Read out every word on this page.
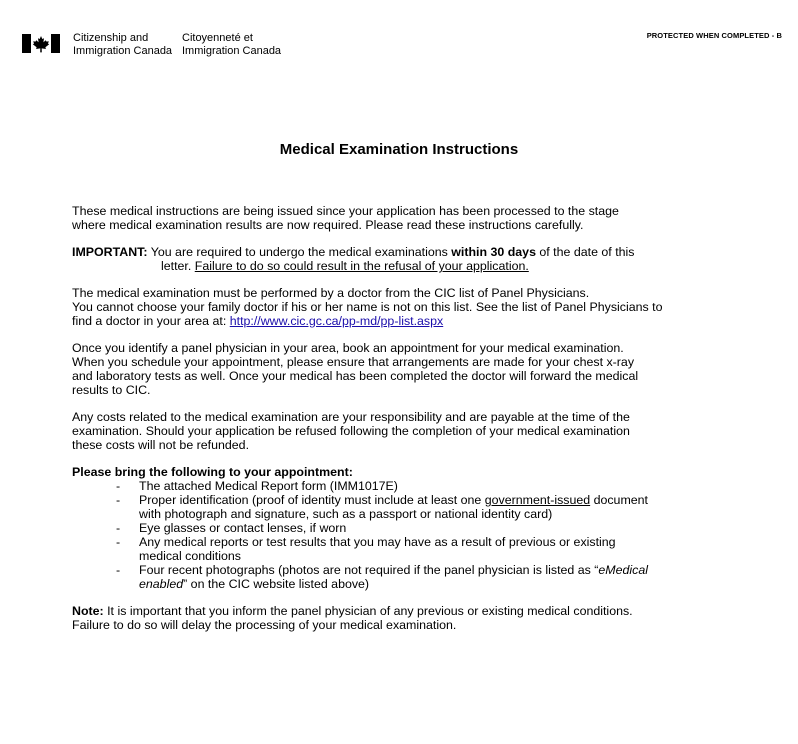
Citizenship and
Immigration Canada
Citoyenneté et
Immigration Canada
PROTECTED WHEN COMPLETED - B
Medical Examination Instructions
These medical instructions are being issued since your application has been processed to the stage
where medical examination results are now required. Please read these instructions carefully.
IMPORTANT: You are required to undergo the medical examinations within 30 days of the date of this
letter. Failure to do so could result in the refusal of your application.
The medical examination must be performed by a doctor from the CIC list of Panel Physicians.
You cannot choose your family doctor if his or her name is not on this list. See the list of Panel Physicians to
find a doctor in your area at: http://www.cic.gc.ca/pp-md/pp-list.aspx
Once you identify a panel physician in your area, book an appointment for your medical examination.
When you schedule your appointment, please ensure that arrangements are made for your chest x-ray
and laboratory tests as well. Once your medical has been completed the doctor will forward the medical
results to CIC.
Any costs related to the medical examination are your responsibility and are payable at the time of the
examination. Should your application be refused following the completion of your medical examination
these costs will not be refunded.
Please bring the following to your appointment:
- The attached Medical Report form (IMM1017E)
- Proper identification (proof of identity must include at least one government-issued document
with photograph and signature, such as a passport or national identity card)
- Eye glasses or contact lenses, if worn
- Any medical reports or test results that you may have as a result of previous or existing
medical conditions
- Four recent photographs (photos are not required if the panel physician is listed as “eMedical
enabled” on the CIC website listed above)
Note: It is important that you inform the panel physician of any previous or existing medical conditions.
Failure to do so will delay the processing of your medical examination.
